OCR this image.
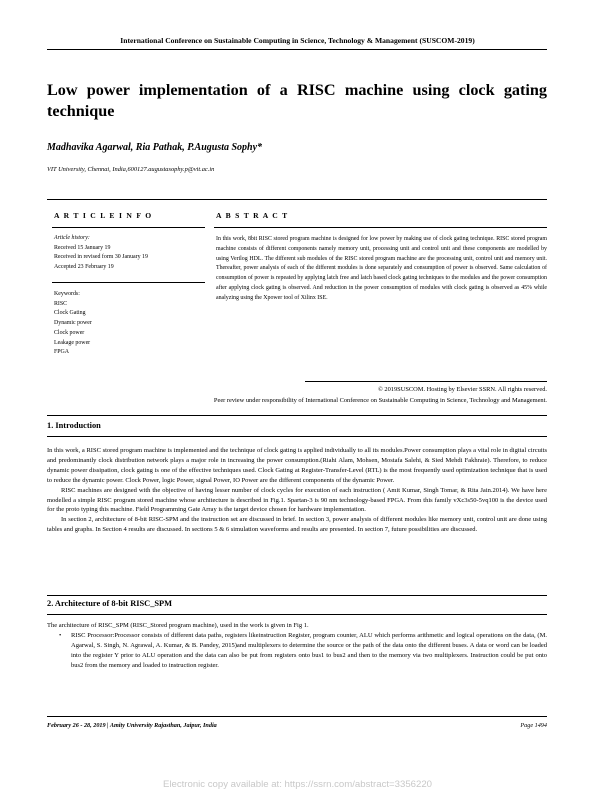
International Conference on Sustainable Computing in Science, Technology & Management (SUSCOM-2019)
Low power implementation of a RISC machine using clock gating technique
Madhavika Agarwal, Ria Pathak, P.Augusta Sophy*
VIT University, Chennai, India,600127.augustasophy.p@vit.ac.in
A R T I C L E I N F O
Article history:
Received 15 January 19
Received in revised form 30 January 19
Accepted 23 February 19
Keywords:
RISC
Clock Gating
Dynamic power
Clock power
Leakage power
FPGA
A B S T R A C T
In this work, 8bit RISC stored program machine is designed for low power by making use of clock gating technique. RISC stored program machine consists of different components namely memory unit, processing unit and control unit and these components are modelled by using Verilog HDL. The different sub modules of the RISC stored program machine are the processing unit, control unit and memory unit. Thereafter, power analysis of each of the different modules is done separately and consumption of power is observed. Same calculation of consumption of power is repeated by applying latch free and latch based clock gating techniques to the modules and the power consumption after applying clock gating is observed. And reduction in the power consumption of modules with clock gating is observed as 45% while analyzing using the Xpower tool of Xilinx ISE.
© 2019SUSCOM. Hosting by Elsevier SSRN. All rights reserved.
Peer review under responsibility of International Conference on Sustainable Computing in Science, Technology and Management.
1. Introduction

In this work, a RISC stored program machine is implemented and the technique of clock gating is applied individually to all its modules.Power consumption plays a vital role in digital circuits and predominantly clock distribution network plays a major role in increasing the power consumption.(Riahi Alam, Mohsen, Mostafa Salehi, & Sied Mehdi Fakhraie). Therefore, to reduce dynamic power dissipation, clock gating is one of the effective techniques used. Clock Gating at Register-Transfer-Level (RTL) is the most frequently used optimization technique that is used to reduce the dynamic power. Clock Power, logic Power, signal Power, IO Power are the different components of the dynamic Power.

RISC machines are designed with the objective of having lesser number of clock cycles for execution of each instruction ( Amit Kumar, Singh Tomar, & Rita Jain.2014). We have here modelled a simple RISC program stored machine whose architecture is described in Fig.1. Spartan-3 is 90 nm technology-based FPGA. From this family vXc3s50-5vq100 is the device used for the proto typing this machine. Field Programming Gate Array is the target device chosen for hardware implementation.

In section 2, architecture of 8-bit RISC-SPM and the instruction set are discussed in brief. In section 3, power analysis of different modules like memory unit, control unit are done using tables and graphs. In Section 4 results are discussed. In sections 5 & 6 simulation waveforms and results are presented. In section 7, future possibilities are discussed.

2. Architecture of 8-bit RISC_SPM
The architecture of RISC_SPM (RISC_Stored program machine), used in the work is given in Fig 1.
• RISC Processor:Processor consists of different data paths, registers likeinstruction Register, program counter, ALU which performs arithmetic and logical operations on the data, (M. Agarwal, S. Singh, N. Agrawal, A. Kumar, & B. Pandey, 2015)and multiplexers to determine the source or the path of the data onto the different buses. A data or word can be loaded into the register Y prior to ALU operation and the data can also be put from registers onto bus1 to bus2 and then to the memory via two multiplexers. Instruction could be put onto bus2 from the memory and loaded to instruction register.
February 26 - 28, 2019 | Amity University Rajasthan, Jaipur, India	Page 1494
Electronic copy available at: https://ssrn.com/abstract=3356220
